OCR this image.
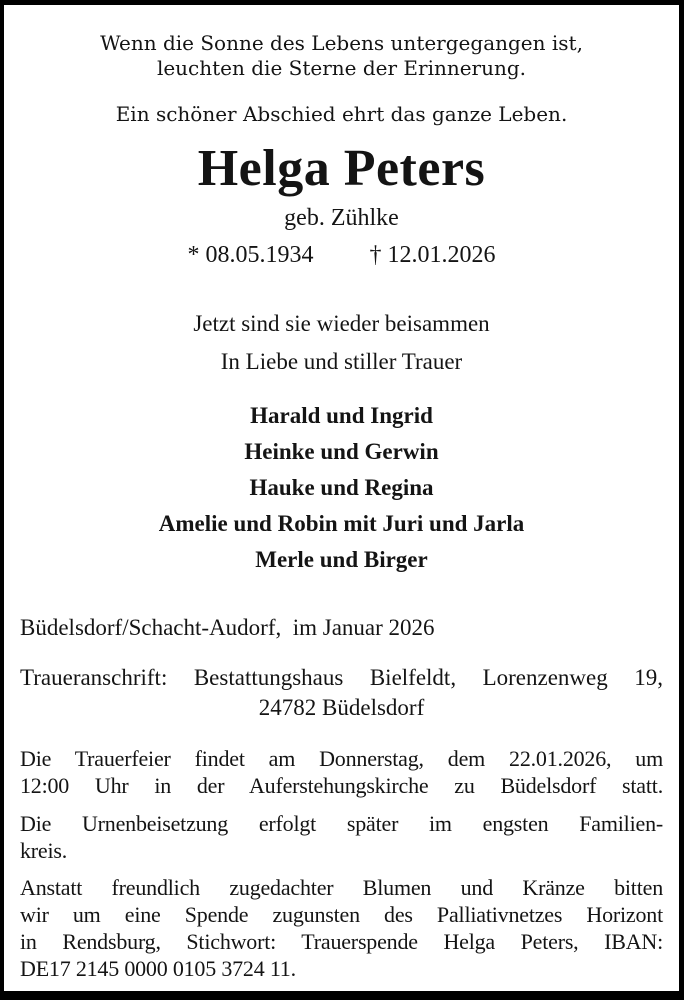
Wenn die Sonne des Lebens untergegangen ist,
leuchten die Sterne der Erinnerung.
Ein schöner Abschied ehrt das ganze Leben.
Helga Peters
geb. Zühlke
* 08.05.1934 † 12.01.2026
Jetzt sind sie wieder beisammen
In Liebe und stiller Trauer
Harald und Ingrid
Heinke und Gerwin
Hauke und Regina
Amelie und Robin mit Juri und Jarla
Merle und Birger
Büdelsdorf/Schacht-Audorf,  im Januar 2026
Traueranschrift: Bestattungshaus Bielfeldt, Lorenzenweg 19,
24782 Büdelsdorf
Die Trauerfeier findet am Donnerstag, dem 22.01.2026, um
12:00 Uhr in der Auferstehungskirche zu Büdelsdorf statt.
Die Urnenbeisetzung erfolgt später im engsten Familien-
kreis.
Anstatt freundlich zugedachter Blumen und Kränze bitten
wir um eine Spende zugunsten des Palliativnetzes Horizont
in Rendsburg, Stichwort: Trauerspende Helga Peters, IBAN:
DE17 2145 0000 0105 3724 11.
